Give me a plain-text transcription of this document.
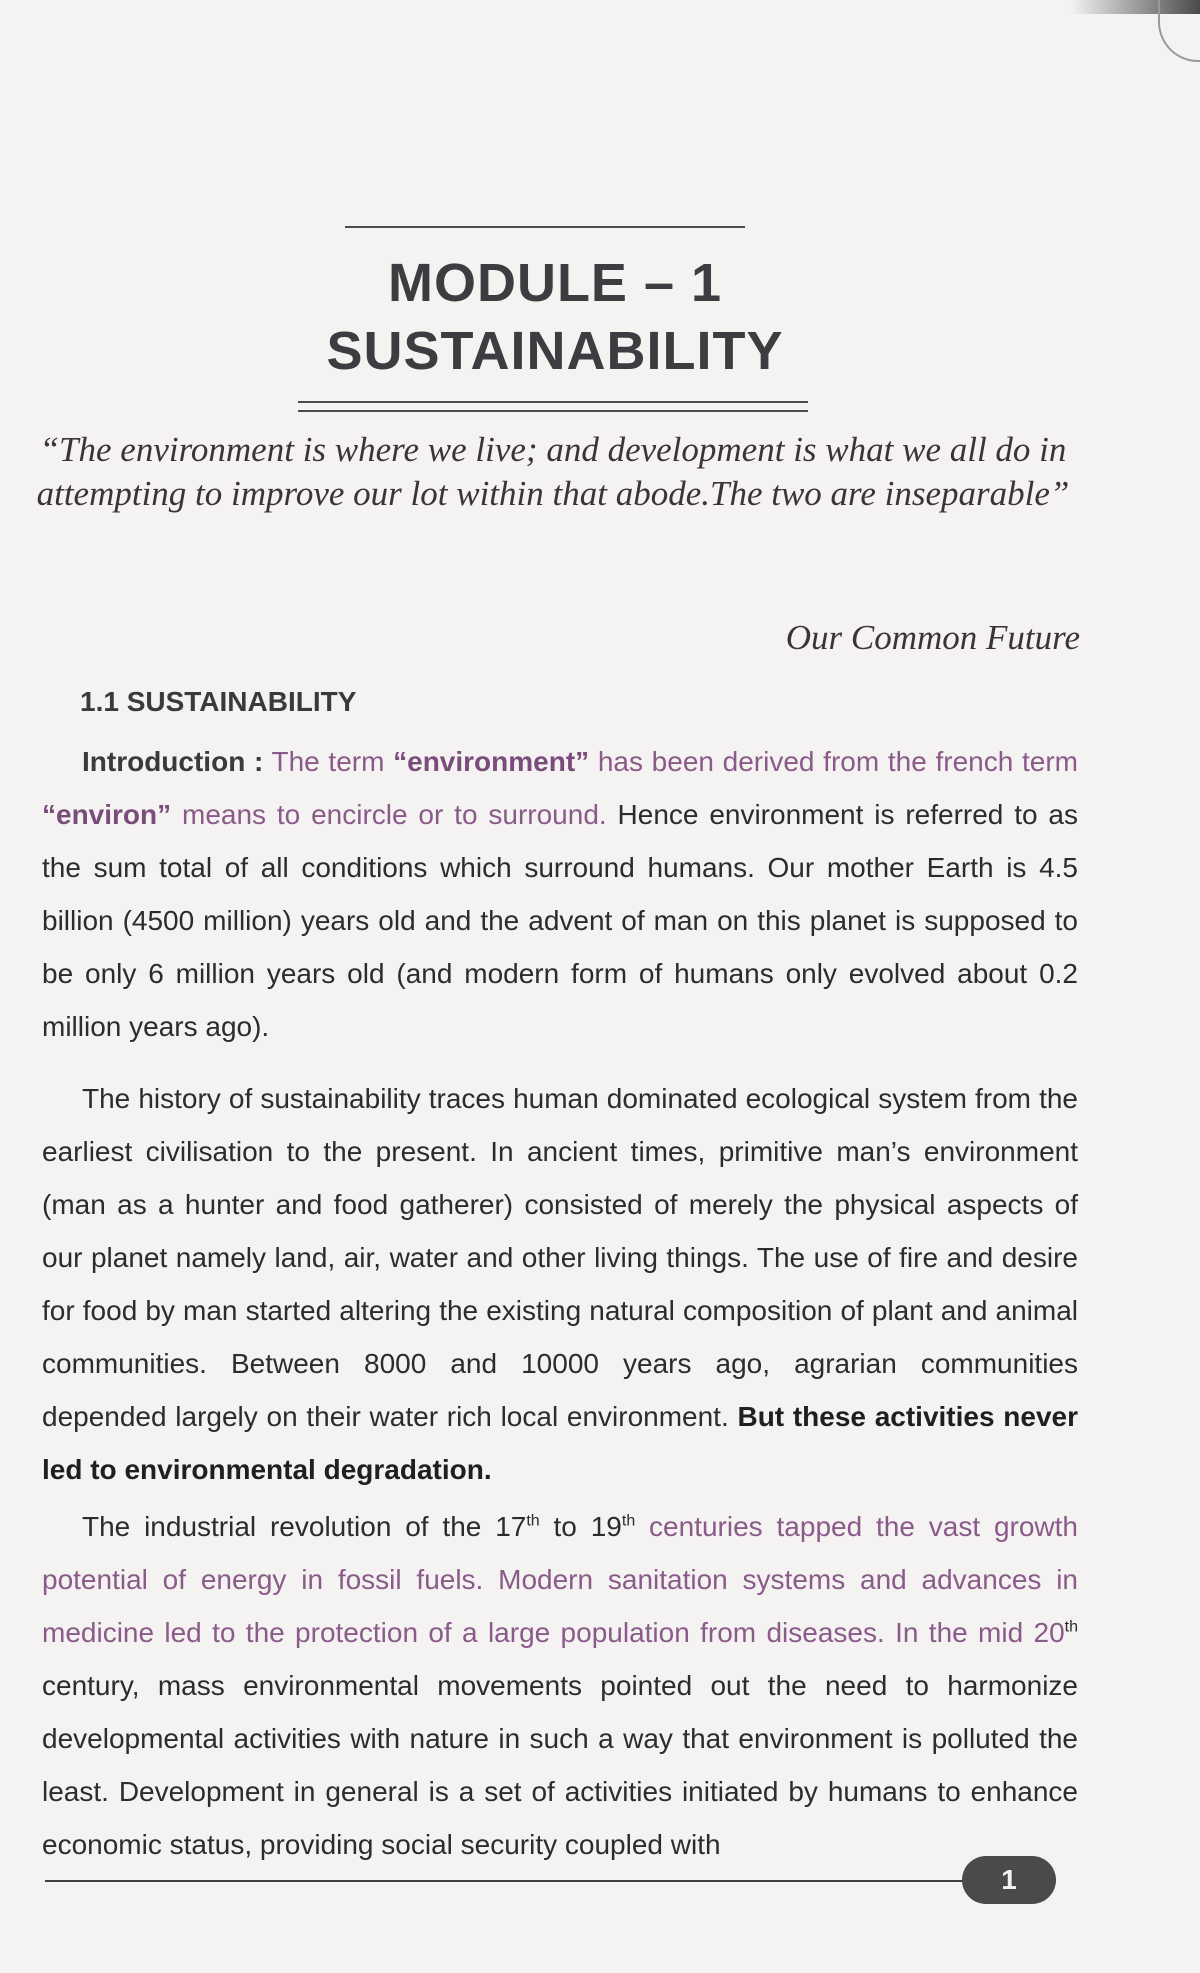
MODULE – 1
SUSTAINABILITY

“The environment is where we live; and development is what we all do in attempting to improve our lot within that abode.The two are inseparable”

Our Common Future

1.1 SUSTAINABILITY

Introduction : The term “environment” has been derived from the french term “environ” means to encircle or to surround. Hence environment is referred to as the sum total of all conditions which surround humans. Our mother Earth is 4.5 billion (4500 million) years old and the advent of man on this planet is supposed to be only 6 million years old (and modern form of humans only evolved about 0.2 million years ago).

The history of sustainability traces human dominated ecological system from the earliest civilisation to the present. In ancient times, primitive man’s environment (man as a hunter and food gatherer) consisted of merely the physical aspects of our planet namely land, air, water and other living things. The use of fire and desire for food by man started altering the existing natural composition of plant and animal communities. Between 8000 and 10000 years ago, agrarian communities depended largely on their water rich local environment. But these activities never led to environmental degradation.

The industrial revolution of the 17th to 19th centuries tapped the vast growth potential of energy in fossil fuels. Modern sanitation systems and advances in medicine led to the protection of a large population from diseases. In the mid 20th century, mass environmental movements pointed out the need to harmonize developmental activities with nature in such a way that environment is polluted the least. Development in general is a set of activities initiated by humans to enhance economic status, providing social security coupled with

1
